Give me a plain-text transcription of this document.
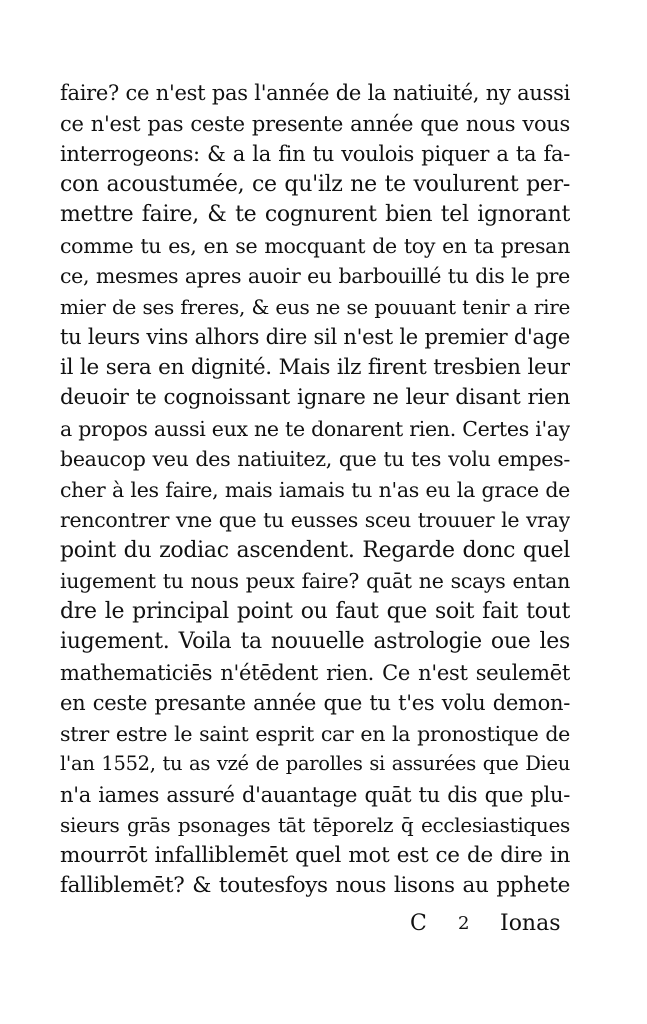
faire? ce n'est pas l'année de la natiuité, ny aussi
ce n'est pas ceste presente année que nous vous
interrogeons: & a la fin tu voulois piquer a ta fa-
con acoustumée, ce qu'ilz ne te voulurent per-
mettre faire, & te cognurent bien tel ignorant
comme tu es, en se mocquant de toy en ta presan
ce, mesmes apres auoir eu barbouillé tu dis le pre
mier de ses freres, & eus ne se pouuant tenir a rire
tu leurs vins alhors dire sil n'est le premier d'age
il le sera en dignité. Mais ilz firent tresbien leur
deuoir te cognoissant ignare ne leur disant rien
a propos aussi eux ne te donarent rien. Certes i'ay
beaucop veu des natiuitez, que tu tes volu empes-
cher à les faire, mais iamais tu n'as eu la grace de
rencontrer vne que tu eusses sceu trouuer le vray
point du zodiac ascendent. Regarde donc quel
iugement tu nous peux faire? quāt ne scays entan
dre le principal point ou faut que soit fait tout
iugement. Voila ta nouuelle astrologie oue les
mathematiciēs n'étēdent rien. Ce n'est seulemēt
en ceste presante année que tu t'es volu demon-
strer estre le saint esprit car en la pronostique de
l'an 1552, tu as vzé de parolles si assurées que Dieu
n'a iames assuré d'auantage quāt tu dis que plu-
sieurs grās psonages tāt tēporelz q̄ ecclesiastiques
mourrōt infalliblemēt quel mot est ce de dire in
falliblemēt? & toutesfoys nous lisons au pphete
C 2 Ionas
